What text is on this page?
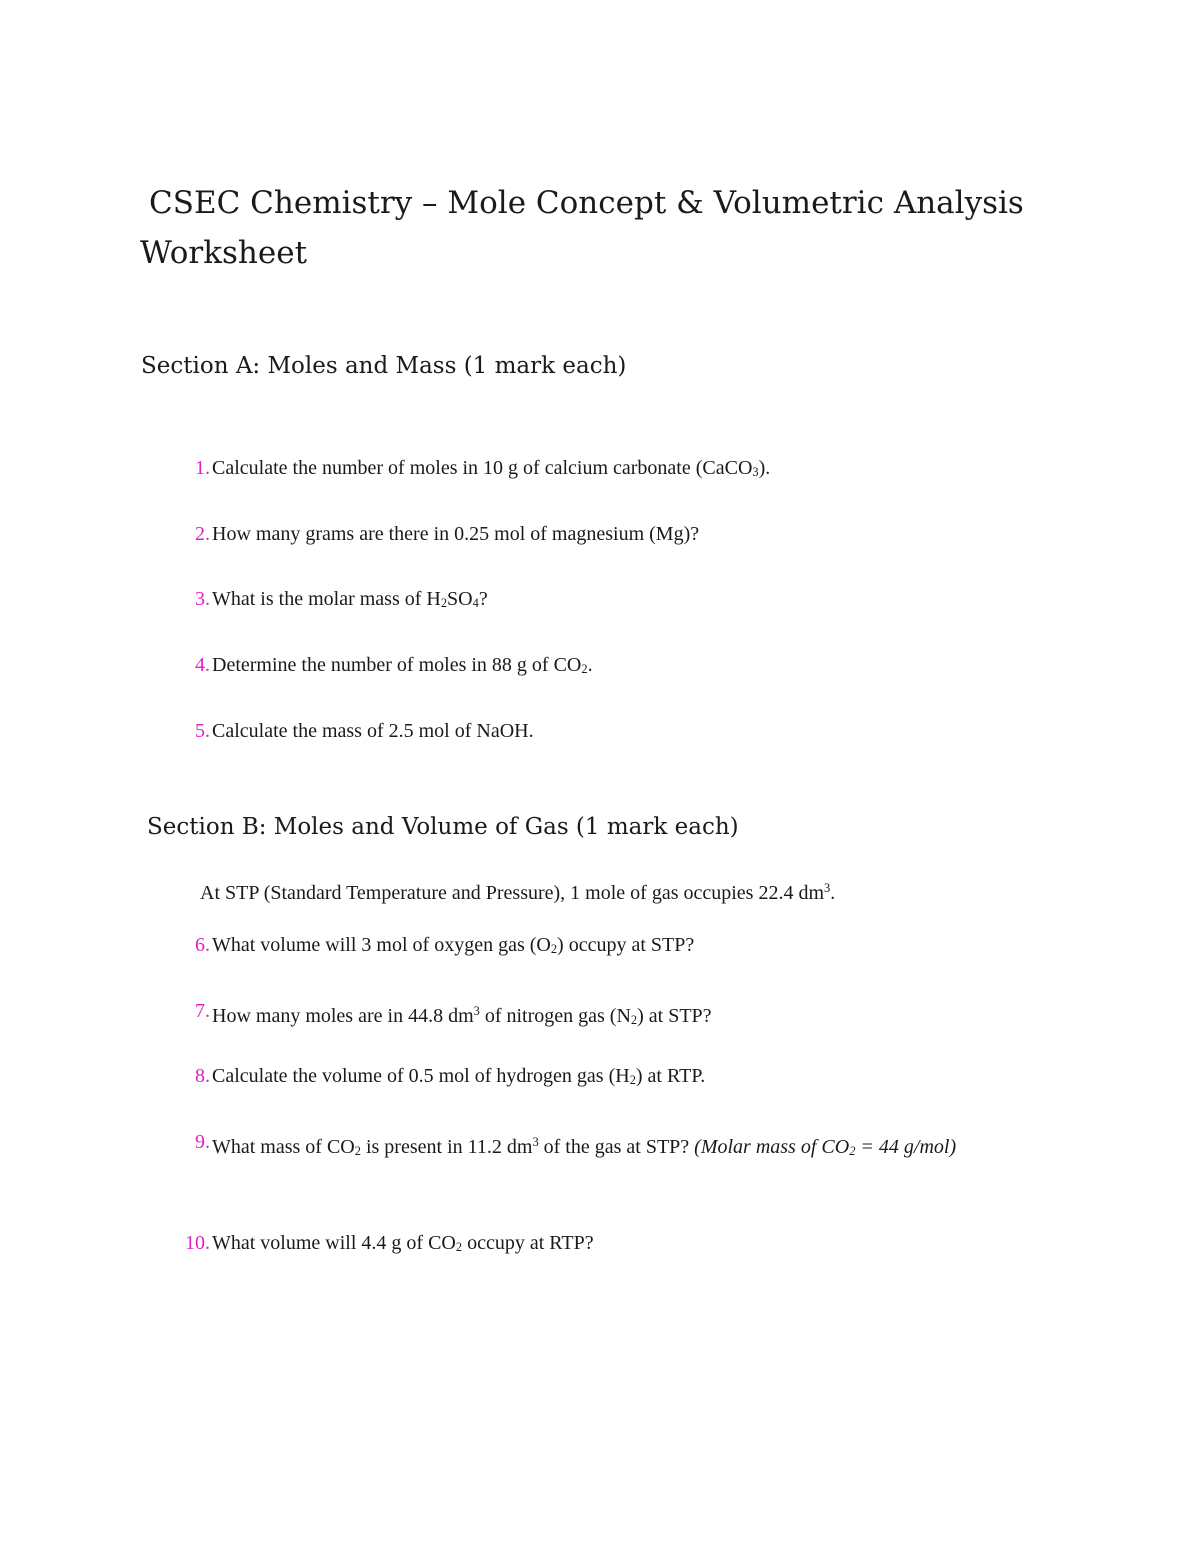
CSEC Chemistry – Mole Concept & Volumetric Analysis
Worksheet
Section A: Moles and Mass (1 mark each)
1. Calculate the number of moles in 10 g of calcium carbonate (CaCO$_3$).
2. How many grams are there in 0.25 mol of magnesium (Mg)?
3. What is the molar mass of $H_2SO_4$?
4. Determine the number of moles in 88 g of $CO_2$.
5. Calculate the mass of 2.5 mol of NaOH.
Section B: Moles and Volume of Gas (1 mark each)
At STP (Standard Temperature and Pressure), 1 mole of gas occupies 22.4 $dm^3$.
6. What volume will 3 mol of oxygen gas $(O_2)$ occupy at STP?
7. How many moles are in 44.8 $dm^3$ of nitrogen gas $(N_2)$ at STP?
8. Calculate the volume of 0.5 mol of hydrogen gas $(H_2)$ at RTP.
9. What mass of $CO_2$ is present in 11.2 $dm^3$ of the gas at STP? (Molar mass of $CO_2 = 44$ g/mol)
10. What volume will 4.4 g of $CO_2$ occupy at RTP?
